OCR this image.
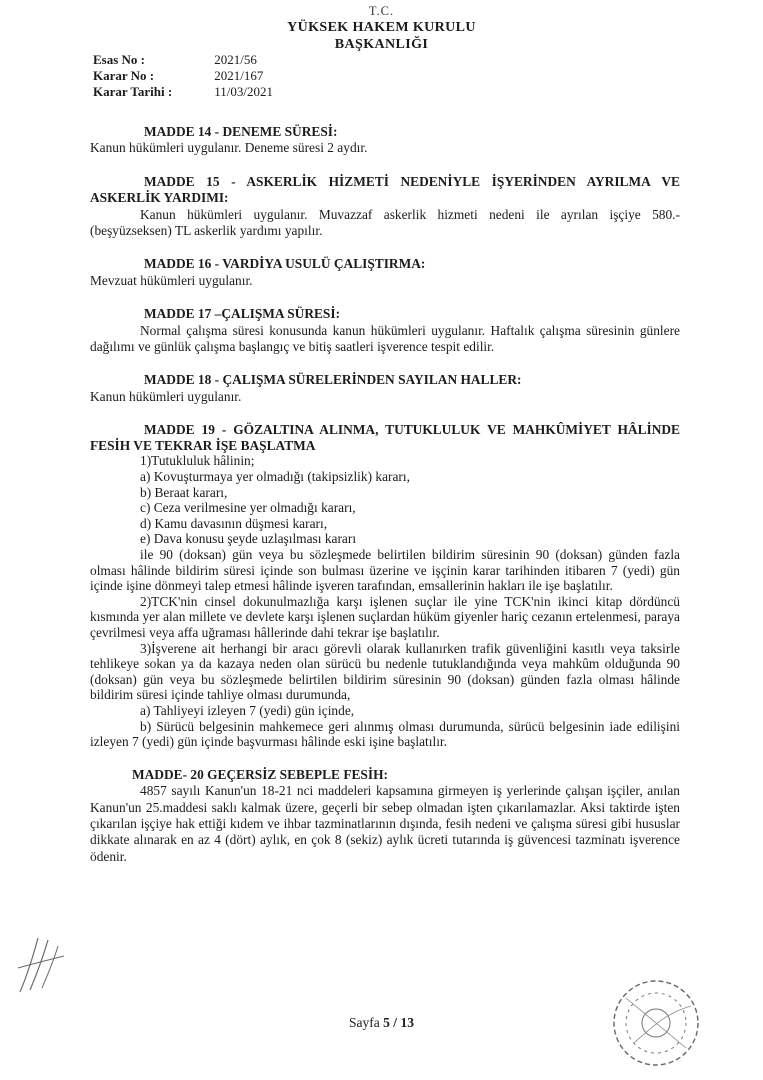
T.C.
YÜKSEK HAKEM KURULU
BAŞKANLIĞI
Esas No :	2021/56
Karar No :	2021/167
Karar Tarihi :	11/03/2021
MADDE 14 - DENEME SÜRESİ:
Kanun hükümleri uygulanır. Deneme süresi 2 aydır.
MADDE 15 - ASKERLİK HİZMETİ NEDENİYLE İŞYERİNDEN AYRILMA VE ASKERLİK YARDIMI:
Kanun hükümleri uygulanır. Muvazzaf askerlik hizmeti nedeni ile ayrılan işçiye 580.-(beşyüzseksen) TL askerlik yardımı yapılır.
MADDE 16 - VARDİYA USULÜ ÇALIŞTIRMA:
Mevzuat hükümleri uygulanır.
MADDE 17 –ÇALIŞMA SÜRESİ:
Normal çalışma süresi konusunda kanun hükümleri uygulanır. Haftalık çalışma süresinin günlere dağılımı ve günlük çalışma başlangıç ve bitiş saatleri işverence tespit edilir.
MADDE 18 - ÇALIŞMA SÜRELERİNDEN SAYILAN HALLER:
Kanun hükümleri uygulanır.
MADDE 19 - GÖZALTINA ALINMA, TUTUKLULUK VE MAHKÛMİYET HÂLİNDE FESİH VE TEKRAR İŞE BAŞLATMA
1)Tutukluluk hâlinin;
a) Kovuşturmaya yer olmadığı (takipsizlik) kararı,
b) Beraat kararı,
c) Ceza verilmesine yer olmadığı kararı,
d) Kamu davasının düşmesi kararı,
e) Dava konusu şeyde uzlaşılması kararı
ile 90 (doksan) gün veya bu sözleşmede belirtilen bildirim süresinin 90 (doksan) günden fazla olması hâlinde bildirim süresi içinde son bulması üzerine ve işçinin karar tarihinden itibaren 7 (yedi) gün içinde işine dönmeyi talep etmesi hâlinde işveren tarafından, emsallerinin hakları ile işe başlatılır.
2)TCK'nin cinsel dokunulmazlığa karşı işlenen suçlar ile yine TCK'nin ikinci kitap dördüncü kısmında yer alan millete ve devlete karşı işlenen suçlardan hüküm giyenler hariç cezanın ertelenmesi, paraya çevrilmesi veya affa uğraması hâllerinde dahi tekrar işe başlatılır.
3)İşverene ait herhangi bir aracı görevli olarak kullanırken trafik güvenliğini kasıtlı veya taksirle tehlikeye sokan ya da kazaya neden olan sürücü bu nedenle tutuklandığında veya mahkûm olduğunda 90 (doksan) gün veya bu sözleşmede belirtilen bildirim süresinin 90 (doksan) günden fazla olması hâlinde bildirim süresi içinde tahliye olması durumunda,
a) Tahliyeyi izleyen 7 (yedi) gün içinde,
b) Sürücü belgesinin mahkemece geri alınmış olması durumunda, sürücü belgesinin iade edilişini izleyen 7 (yedi) gün içinde başvurması hâlinde eski işine başlatılır.
MADDE- 20 GEÇERSİZ SEBEPLE FESİH:
4857 sayılı Kanun'un 18-21 nci maddeleri kapsamına girmeyen iş yerlerinde çalışan işçiler, anılan Kanun'un 25.maddesi saklı kalmak üzere, geçerli bir sebep olmadan işten çıkarılamazlar. Aksi taktirde işten çıkarılan işçiye hak ettiği kıdem ve ihbar tazminatlarının dışında, fesih nedeni ve çalışma süresi gibi hususlar dikkate alınarak en az 4 (dört) aylık, en çok 8 (sekiz) aylık ücreti tutarında iş güvencesi tazminatı işverence ödenir.
Sayfa 5 / 13
